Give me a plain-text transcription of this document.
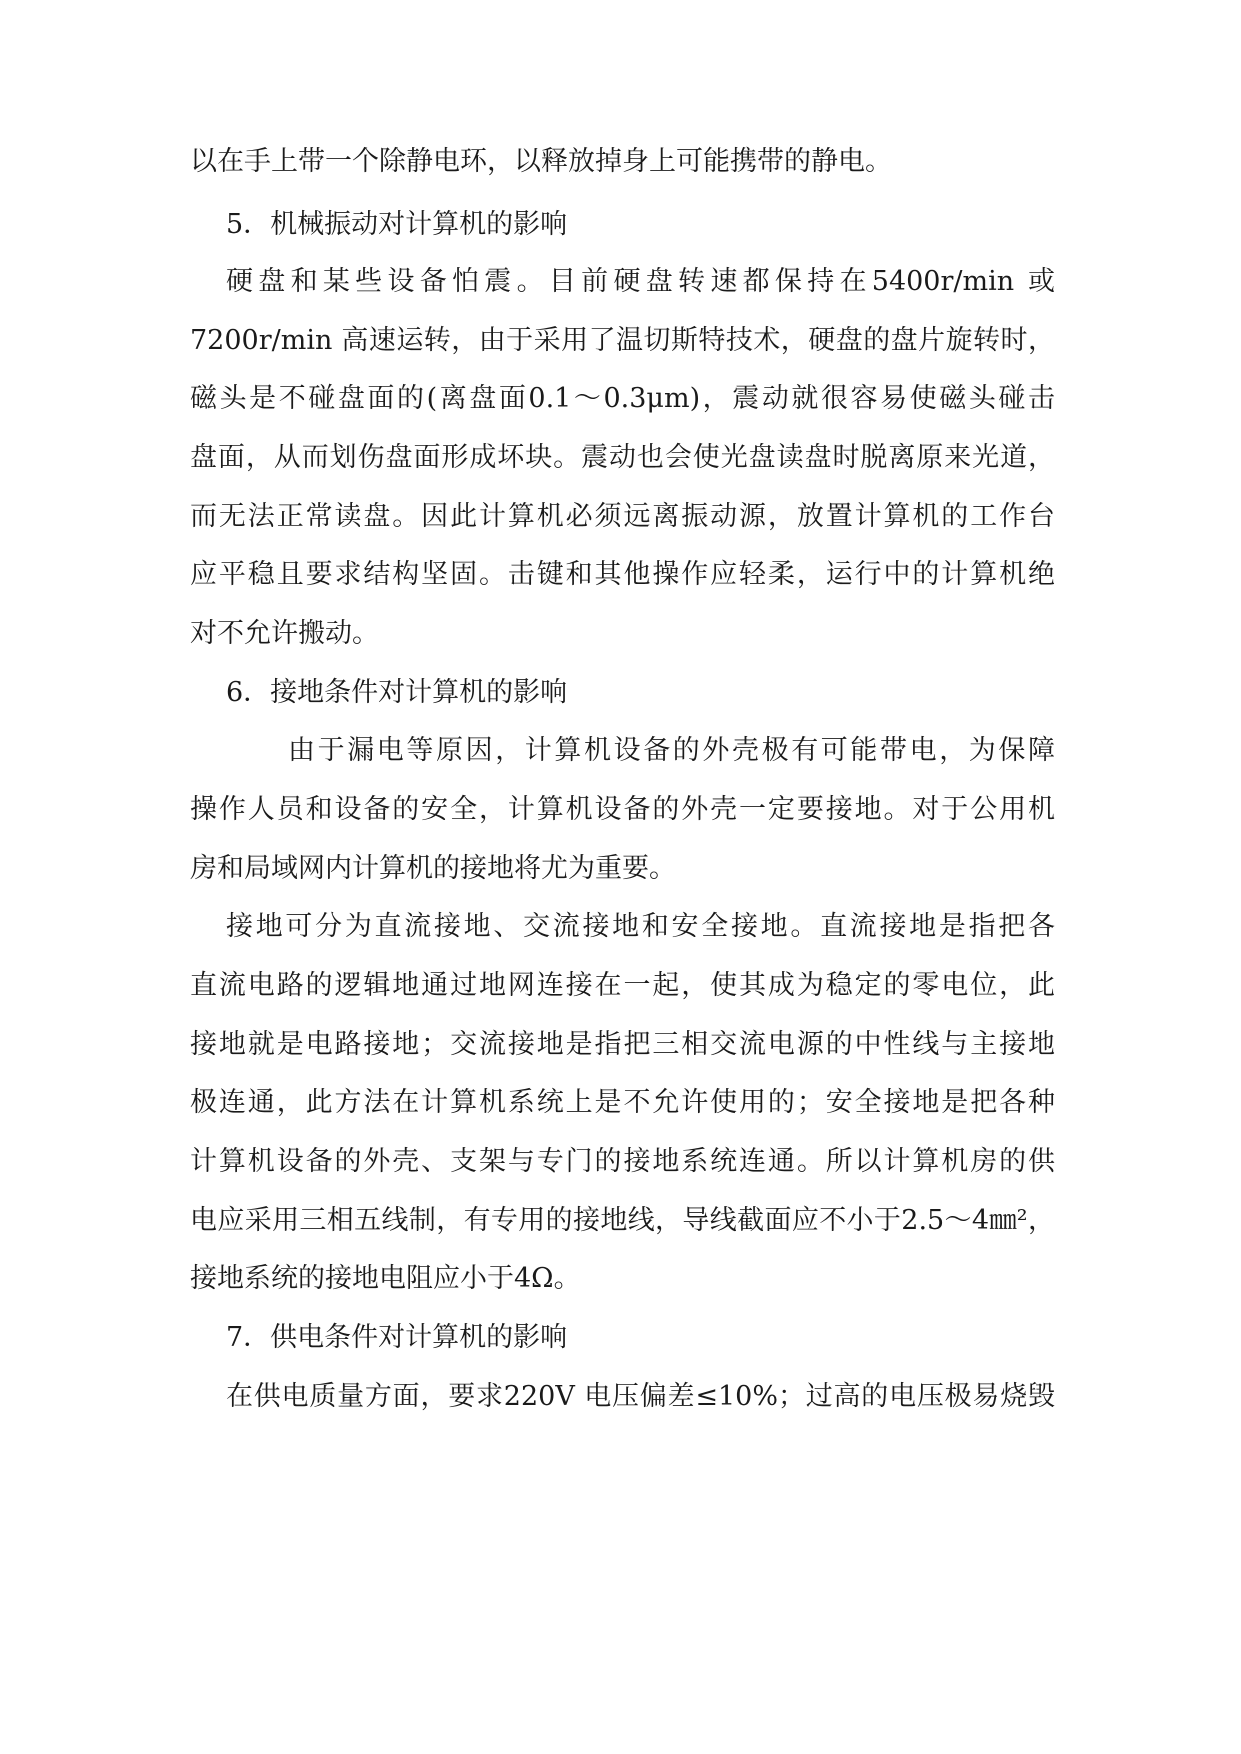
以在手上带一个除静电环，以释放掉身上可能携带的静电。
5．机械振动对计算机的影响
硬盘和某些设备怕震。目前硬盘转速都保持在5400r/min 或
7200r/min 高速运转，由于采用了温切斯特技术，硬盘的盘片旋转时，
磁头是不碰盘面的(离盘面0.1～0.3μm)，震动就很容易使磁头碰击
盘面，从而划伤盘面形成坏块。震动也会使光盘读盘时脱离原来光道，
而无法正常读盘。因此计算机必须远离振动源，放置计算机的工作台
应平稳且要求结构坚固。击键和其他操作应轻柔，运行中的计算机绝
对不允许搬动。
6．接地条件对计算机的影响
由于漏电等原因，计算机设备的外壳极有可能带电，为保障
操作人员和设备的安全，计算机设备的外壳一定要接地。对于公用机
房和局域网内计算机的接地将尤为重要。
接地可分为直流接地、交流接地和安全接地。直流接地是指把各
直流电路的逻辑地通过地网连接在一起，使其成为稳定的零电位，此
接地就是电路接地；交流接地是指把三相交流电源的中性线与主接地
极连通，此方法在计算机系统上是不允许使用的；安全接地是把各种
计算机设备的外壳、支架与专门的接地系统连通。所以计算机房的供
电应采用三相五线制，有专用的接地线，导线截面应不小于2.5～4㎜²，
接地系统的接地电阻应小于4Ω。
7．供电条件对计算机的影响
在供电质量方面，要求220V 电压偏差≤10%；过高的电压极易烧毁
